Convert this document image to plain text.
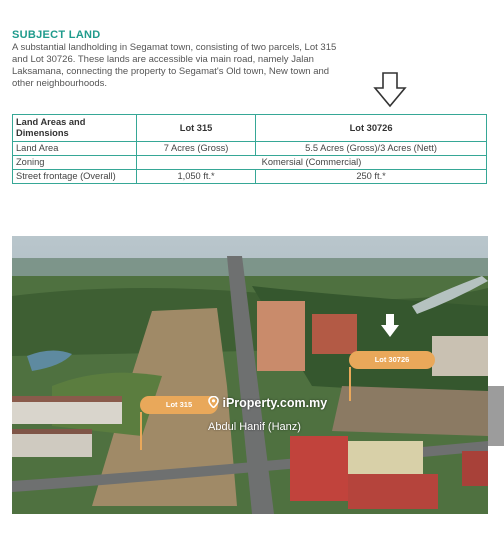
SUBJECT LAND
A substantial landholding in Segamat town, consisting of two parcels, Lot 315 and Lot 30726. These lands are accessible via main road, namely Jalan Laksamana, connecting the property to Segamat's Old town, New town and other neighbourhoods.
Land Areas and Dimensions	Lot 315	Lot 30726
Land Area	7 Acres (Gross)	5.5 Acres (Gross)/3 Acres (Nett)
Zoning	Komersial (Commercial)	
Street frontage (Overall)	1,050 ft.*	250 ft.*
Lot 315
Lot 30726
iProperty.com.my
Abdul Hanif (Hanz)
